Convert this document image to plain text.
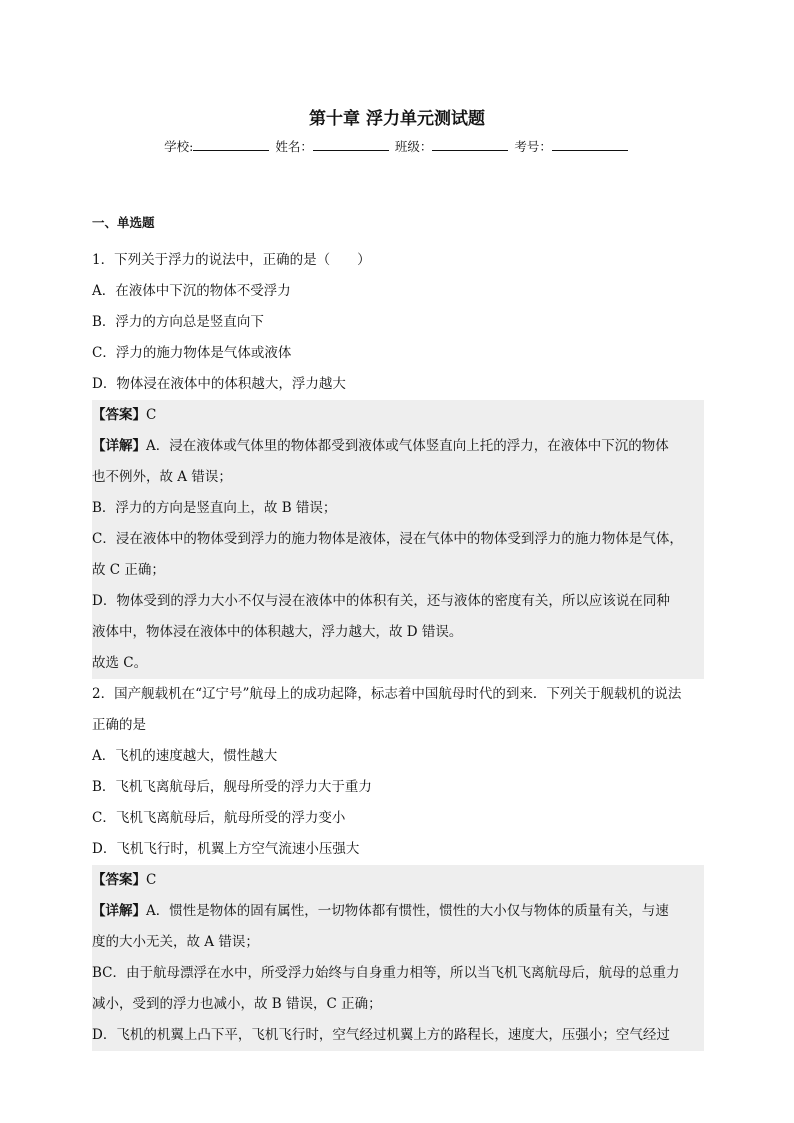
第十章 浮力单元测试题
学校:	姓名：	班级：	考号：

一、单选题

1．下列关于浮力的说法中，正确的是（　　）

A．在液体中下沉的物体不受浮力

B．浮力的方向总是竖直向下

C．浮力的施力物体是气体或液体

D．物体浸在液体中的体积越大，浮力越大

【答案】C

【详解】A．浸在液体或气体里的物体都受到液体或气体竖直向上托的浮力，在液体中下沉的物体

也不例外，故 A 错误；

B．浮力的方向是竖直向上，故 B 错误；

C．浸在液体中的物体受到浮力的施力物体是液体，浸在气体中的物体受到浮力的施力物体是气体，

故 C 正确；

D．物体受到的浮力大小不仅与浸在液体中的体积有关，还与液体的密度有关，所以应该说在同种

液体中，物体浸在液体中的体积越大，浮力越大，故 D 错误。

故选 C。

2．国产舰载机在“辽宁号”航母上的成功起降，标志着中国航母时代的到来．下列关于舰载机的说法

正确的是

A．飞机的速度越大，惯性越大

B．飞机飞离航母后，舰母所受的浮力大于重力

C．飞机飞离航母后，航母所受的浮力变小

D．飞机飞行时，机翼上方空气流速小压强大

【答案】C

【详解】A．惯性是物体的固有属性，一切物体都有惯性，惯性的大小仅与物体的质量有关，与速

度的大小无关，故 A 错误；

BC．由于航母漂浮在水中，所受浮力始终与自身重力相等，所以当飞机飞离航母后，航母的总重力

减小，受到的浮力也减小，故 B 错误，C 正确；

D．飞机的机翼上凸下平，飞机飞行时，空气经过机翼上方的路程长，速度大，压强小；空气经过
